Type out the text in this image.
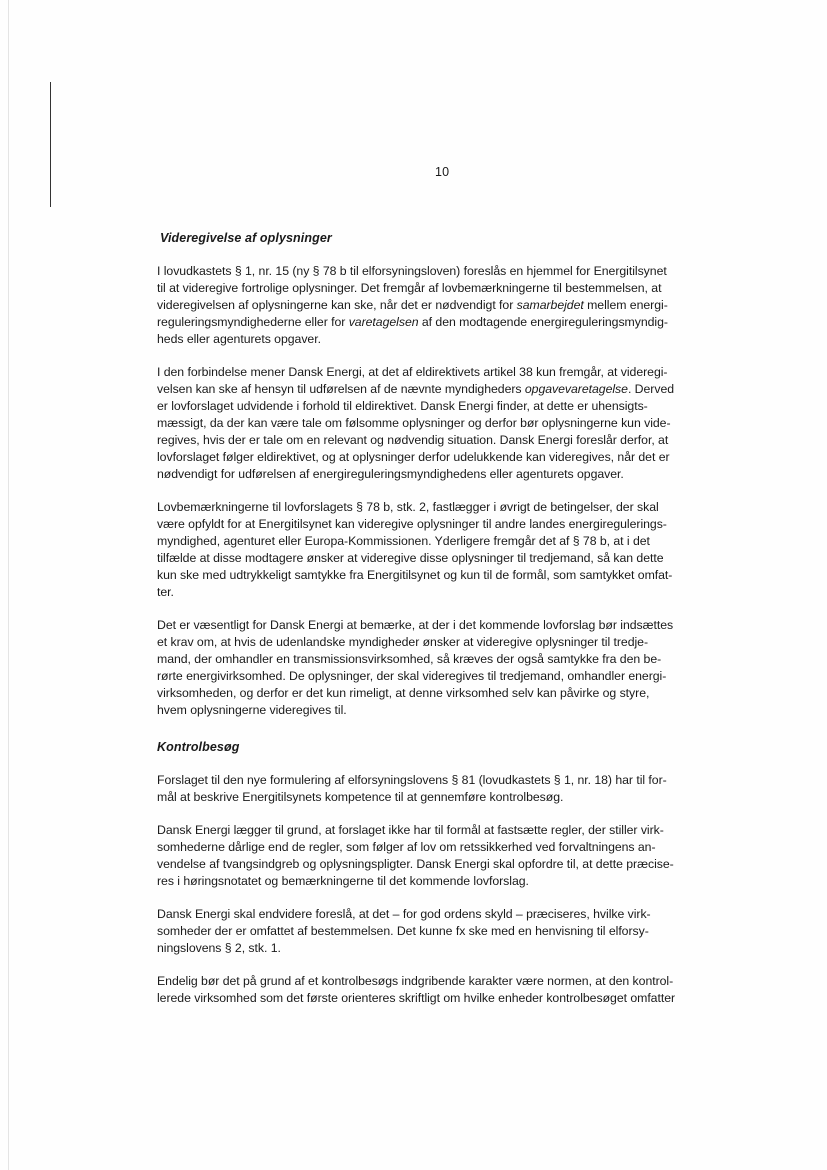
10
Videregivelse af oplysninger

I lovudkastets § 1, nr. 15 (ny § 78 b til elforsyningsloven) foreslås en hjemmel for Energitilsynet
til at videregive fortrolige oplysninger. Det fremgår af lovbemærkningerne til bestemmelsen, at
videregivelsen af oplysningerne kan ske, når det er nødvendigt for samarbejdet mellem energi-
reguleringsmyndighederne eller for varetagelsen af den modtagende energireguleringsmyndig-
heds eller agenturets opgaver.

I den forbindelse mener Dansk Energi, at det af eldirektivets artikel 38 kun fremgår, at videregi-
velsen kan ske af hensyn til udførelsen af de nævnte myndigheders opgavevaretagelse. Derved
er lovforslaget udvidende i forhold til eldirektivet. Dansk Energi finder, at dette er uhensigts-
mæssigt, da der kan være tale om følsomme oplysninger og derfor bør oplysningerne kun vide-
regives, hvis der er tale om en relevant og nødvendig situation. Dansk Energi foreslår derfor, at
lovforslaget følger eldirektivet, og at oplysninger derfor udelukkende kan videregives, når det er
nødvendigt for udførelsen af energireguleringsmyndighedens eller agenturets opgaver.

Lovbemærkningerne til lovforslagets § 78 b, stk. 2, fastlægger i øvrigt de betingelser, der skal
være opfyldt for at Energitilsynet kan videregive oplysninger til andre landes energiregulerings-
myndighed, agenturet eller Europa-Kommissionen. Yderligere fremgår det af § 78 b, at i det
tilfælde at disse modtagere ønsker at videregive disse oplysninger til tredjemand, så kan dette
kun ske med udtrykkeligt samtykke fra Energitilsynet og kun til de formål, som samtykket omfat-
ter.

Det er væsentligt for Dansk Energi at bemærke, at der i det kommende lovforslag bør indsættes
et krav om, at hvis de udenlandske myndigheder ønsker at videregive oplysninger til tredje-
mand, der omhandler en transmissionsvirksomhed, så kræves der også samtykke fra den be-
rørte energivirksomhed. De oplysninger, der skal videregives til tredjemand, omhandler energi-
virksomheden, og derfor er det kun rimeligt, at denne virksomhed selv kan påvirke og styre,
hvem oplysningerne videregives til.

Kontrolbesøg

Forslaget til den nye formulering af elforsyningslovens § 81 (lovudkastets § 1, nr. 18) har til for-
mål at beskrive Energitilsynets kompetence til at gennemføre kontrolbesøg.

Dansk Energi lægger til grund, at forslaget ikke har til formål at fastsætte regler, der stiller virk-
somhederne dårlige end de regler, som følger af lov om retssikkerhed ved forvaltningens an-
vendelse af tvangsindgreb og oplysningspligter. Dansk Energi skal opfordre til, at dette præcise-
res i høringsnotatet og bemærkningerne til det kommende lovforslag.

Dansk Energi skal endvidere foreslå, at det – for god ordens skyld – præciseres, hvilke virk-
somheder der er omfattet af bestemmelsen. Det kunne fx ske med en henvisning til elforsy-
ningslovens § 2, stk. 1.

Endelig bør det på grund af et kontrolbesøgs indgribende karakter være normen, at den kontrol-
lerede virksomhed som det første orienteres skriftligt om hvilke enheder kontrolbesøget omfatter
